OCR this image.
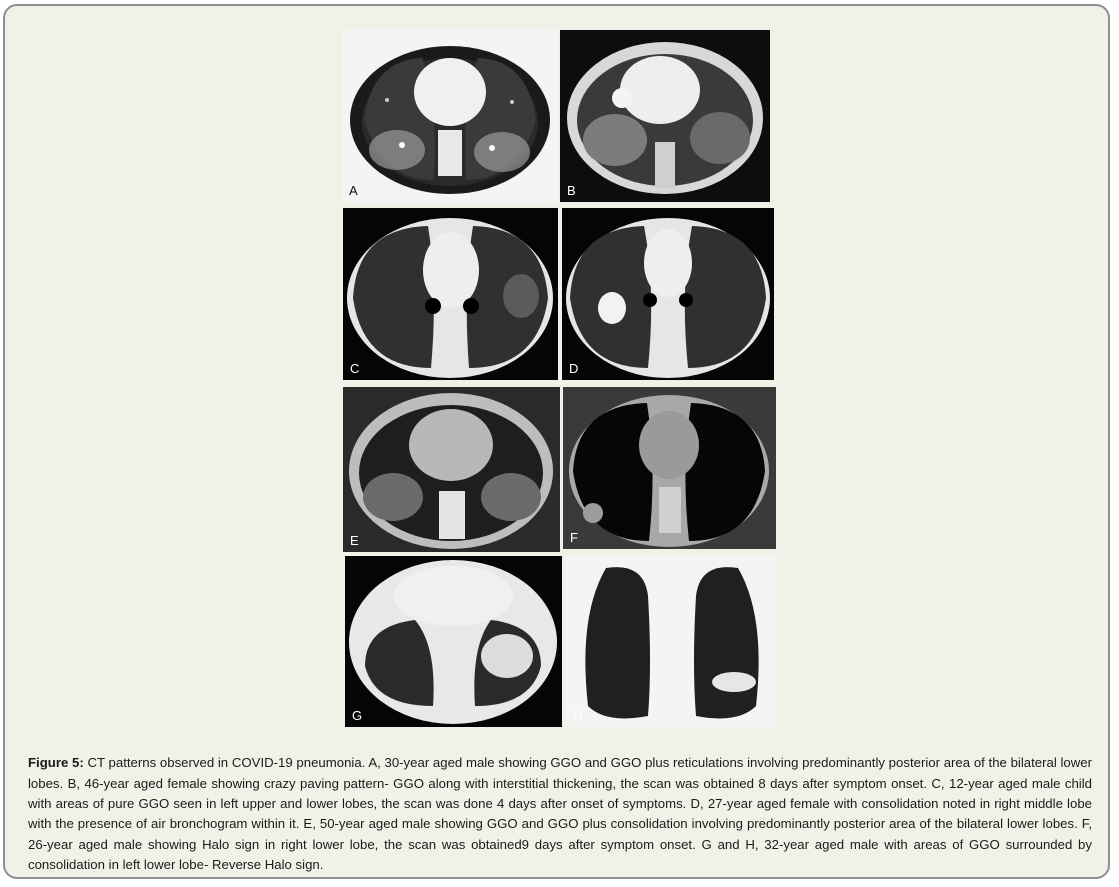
A	B
C	D
E	F
G	H

Figure 5: CT patterns observed in COVID-19 pneumonia. A, 30-year aged male showing GGO and GGO plus reticulations involving predominantly posterior area of the bilateral lower lobes. B, 46-year aged female showing crazy paving pattern- GGO along with interstitial thickening, the scan was obtained 8 days after symptom onset. C, 12-year aged male child with areas of pure GGO seen in left upper and lower lobes, the scan was done 4 days after onset of symptoms. D, 27-year aged female with consolidation noted in right middle lobe with the presence of air bronchogram within it. E, 50-year aged male showing GGO and GGO plus consolidation involving predominantly posterior area of the bilateral lower lobes. F, 26-year aged male showing Halo sign in right lower lobe, the scan was obtained9 days after symptom onset. G and H, 32-year aged male with areas of GGO surrounded by consolidation in left lower lobe- Reverse Halo sign.
